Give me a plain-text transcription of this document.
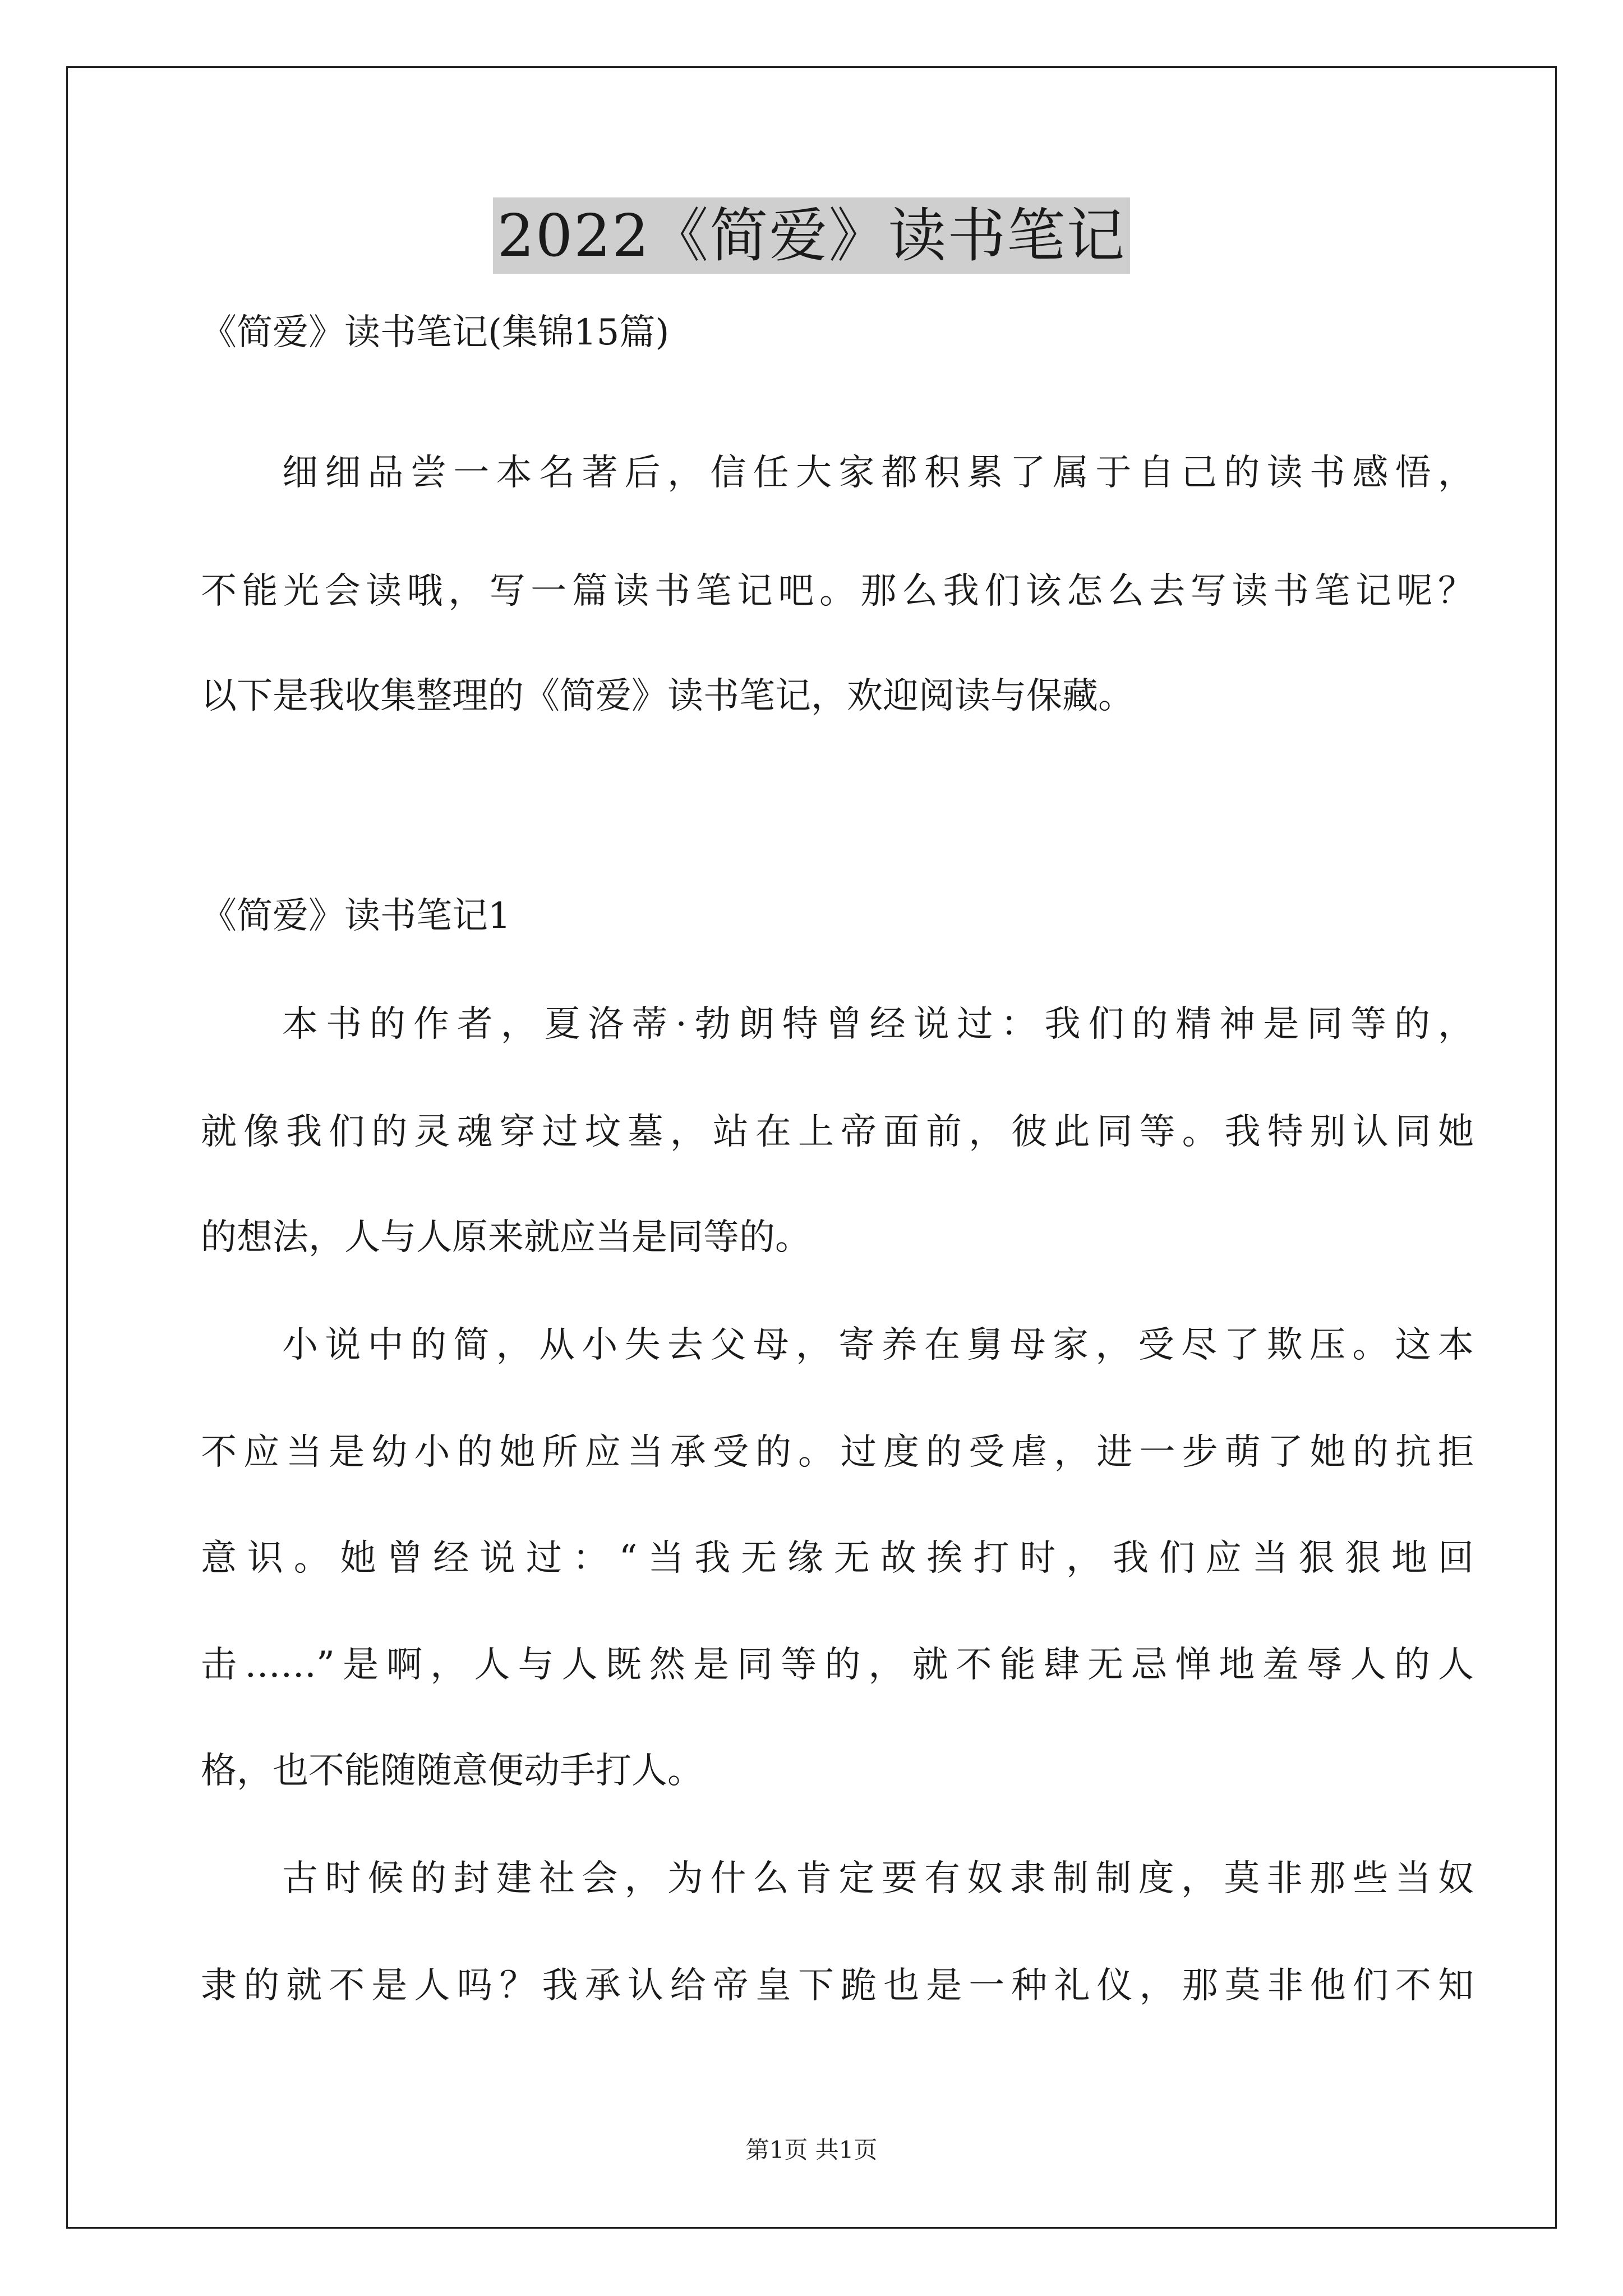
2022《简爱》读书笔记
《简爱》读书笔记(集锦15篇)
细细品尝一本名著后，信任大家都积累了属于自己的读书感悟，
不能光会读哦，写一篇读书笔记吧。那么我们该怎么去写读书笔记呢？
以下是我收集整理的《简爱》读书笔记，欢迎阅读与保藏。
《简爱》读书笔记1
本书的作者，夏洛蒂·勃朗特曾经说过：我们的精神是同等的，
就像我们的灵魂穿过坟墓，站在上帝面前，彼此同等。我特别认同她
的想法，人与人原来就应当是同等的。
小说中的简，从小失去父母，寄养在舅母家，受尽了欺压。这本
不应当是幼小的她所应当承受的。过度的受虐，进一步萌了她的抗拒
意识。她曾经说过：“当我无缘无故挨打时，我们应当狠狠地回
击……”是啊，人与人既然是同等的，就不能肆无忌惮地羞辱人的人
格，也不能随随意便动手打人。
古时候的封建社会，为什么肯定要有奴隶制制度，莫非那些当奴
隶的就不是人吗？我承认给帝皇下跪也是一种礼仪，那莫非他们不知
第1页 共1页
